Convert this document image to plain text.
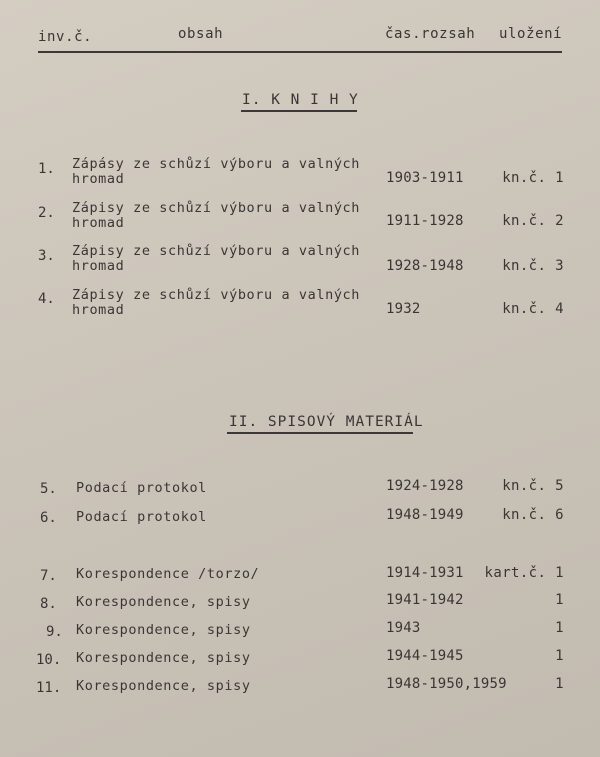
inv.č.	obsah	čas.rozsah uložení
I. K N I H Y
1. Zápásy ze schůzí výboru a valných
hromad	1903-1911	kn.č. 1
2. Zápisy ze schůzí výboru a valných
hromad	1911-1928	kn.č. 2
3. Zápisy ze schůzí výboru a valných
hromad	1928-1948	kn.č. 3
4. Zápisy ze schůzí výboru a valných
hromad	1932	kn.č. 4
II. SPISOVÝ MATERIÁL
5. Podací protokol	1924-1928	kn.č. 5
6. Podací protokol	1948-1949	kn.č. 6
7. Korespondence /torzo/	1914-1931 kart.č. 1
8. Korespondence, spisy	1941-1942	1
9. Korespondence, spisy	1943	1
10. Korespondence, spisy	1944-1945	1
11. Korespondence, spisy	1948-1950,1959	1
